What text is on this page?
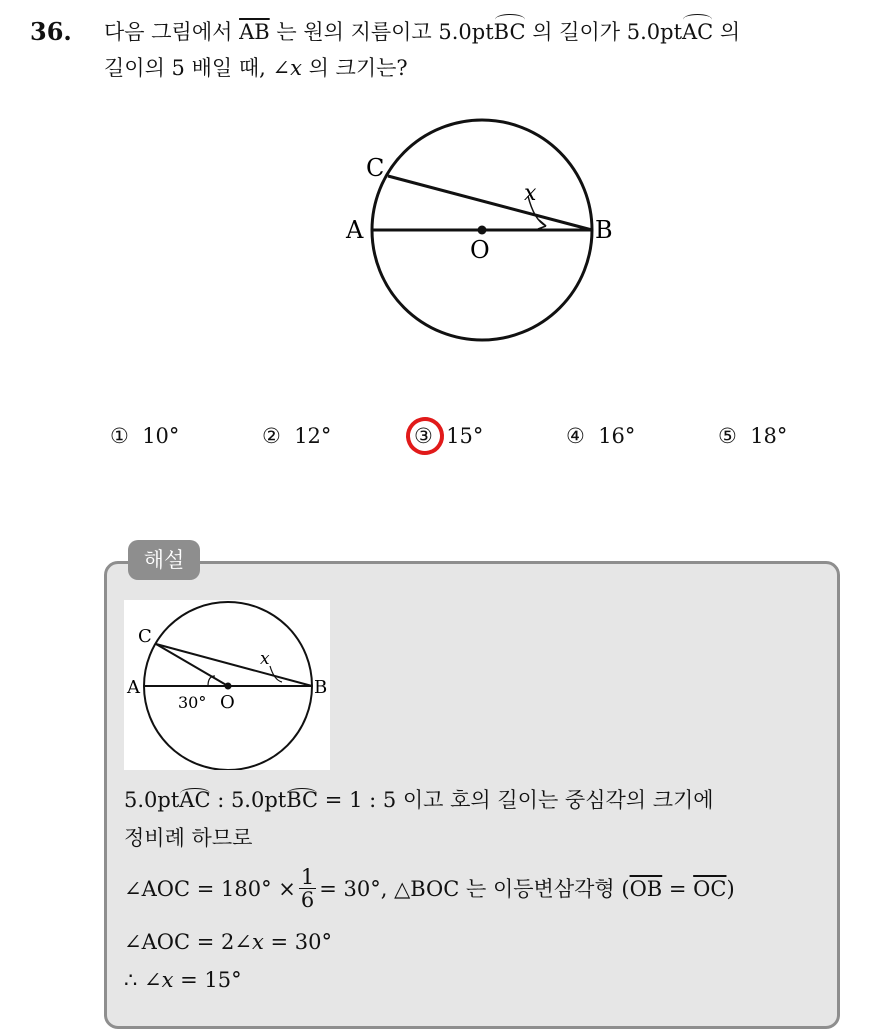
36. 다음 그림에서 $\overline{AB}$ 는 원의 지름이고 5.0ptBC 의 길이가 5.0ptAC 의
길이의 5 배일 때, ∠x 의 크기는?
C
A
O
B
x
① 10°	② 12°	③ 15°	④ 16°	⑤ 18°
해설
C
A
O
B
x
30°
5.0ptAC : 5.0ptBC = 1 : 5 이고 호의 길이는 중심각의 크기에
정비례 하므로
∠AOC = $180^\circ \times \frac{1}{6} = 30^\circ$, △BOC 는 이등변삼각형 $(\overline{OB} = \overline{OC})$
∠AOC = 2∠x = 30°
∴ ∠x = 15°
